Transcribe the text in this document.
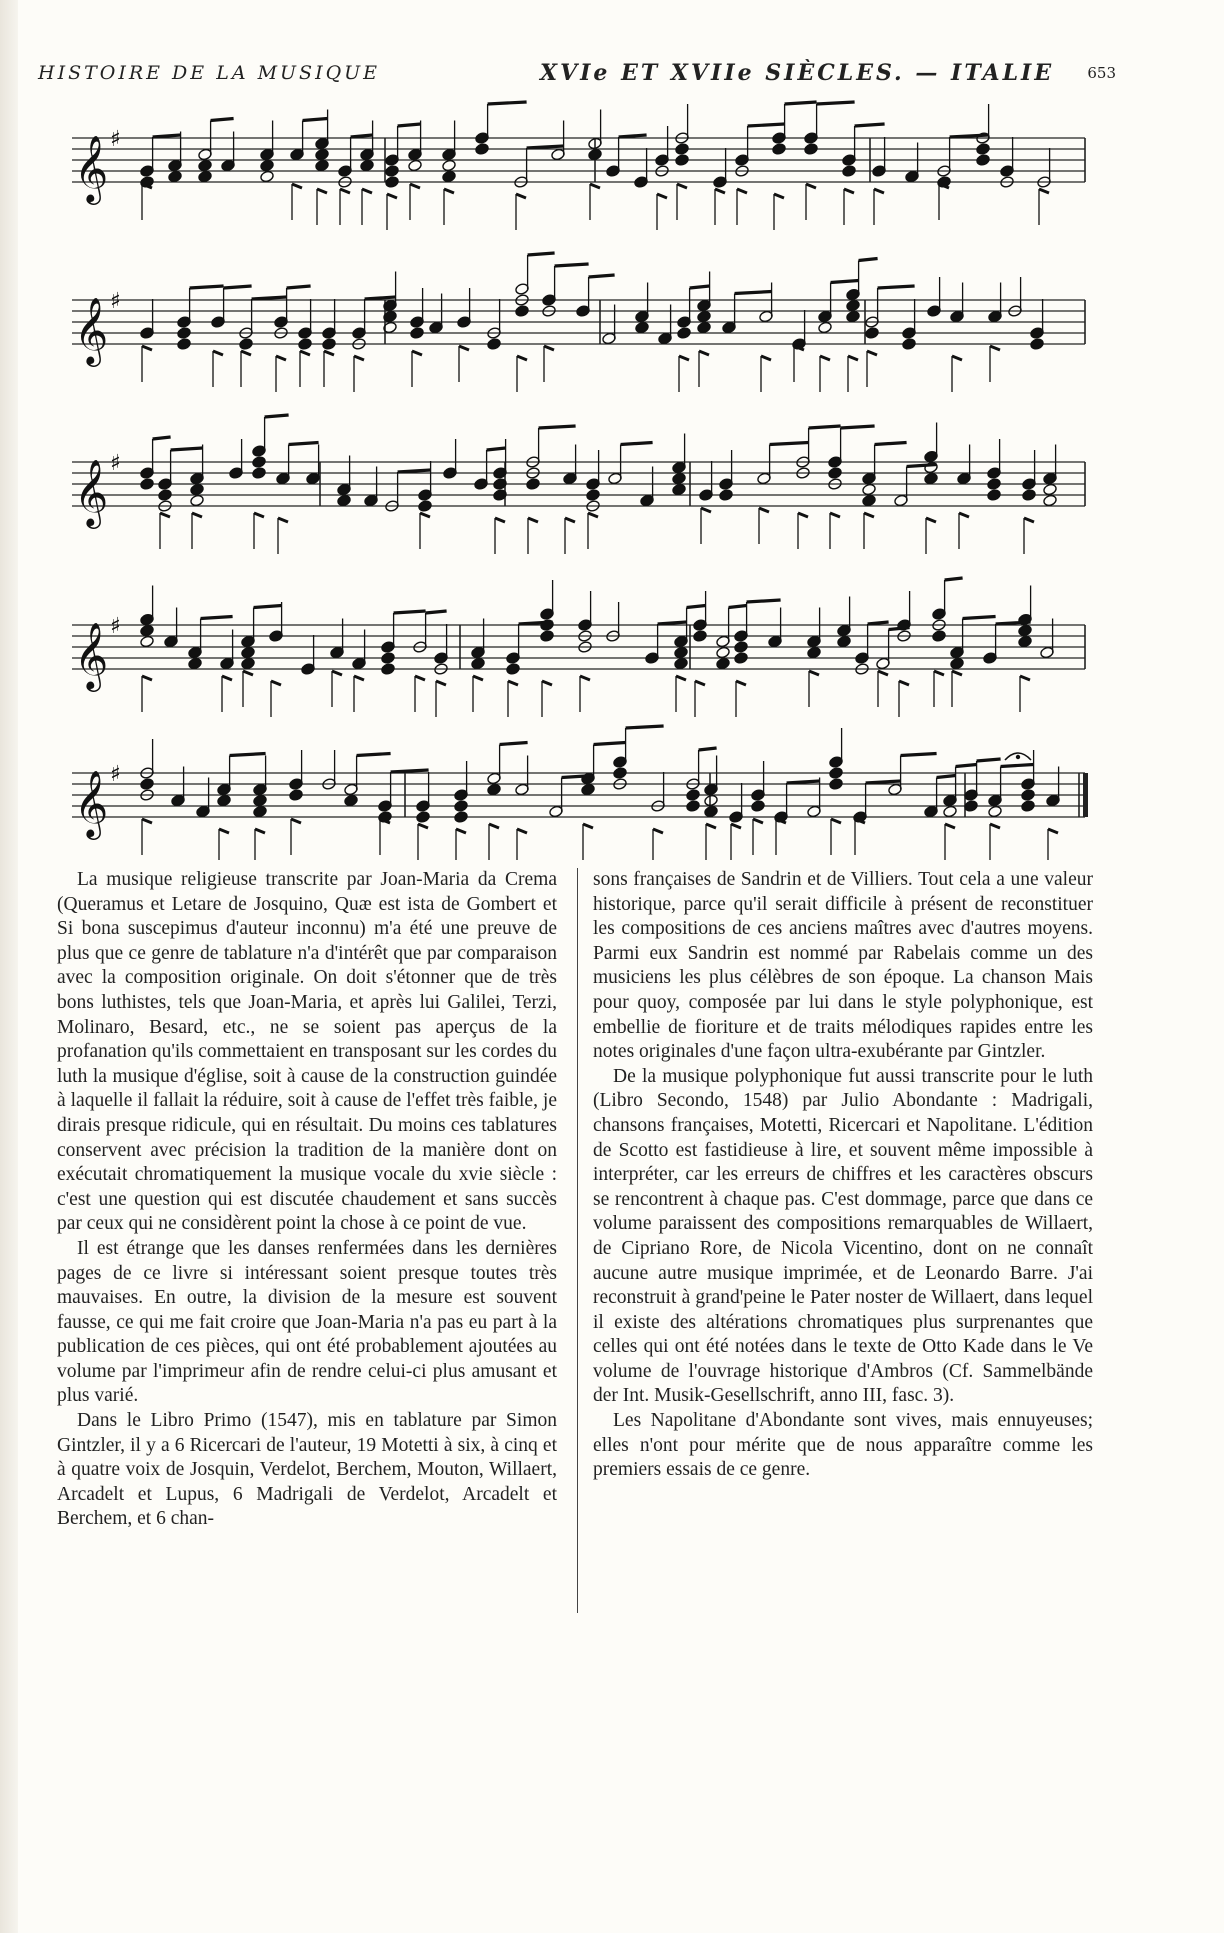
HISTOIRE DE LA MUSIQUE	XVIe ET XVIIe SIÈCLES. — ITALIE 653
𝄞 ♯
𝄞 ♯
𝄞 ♯
𝄞 ♯
𝄞 ♯

La musique religieuse transcrite par Joan-Maria da Crema (Queramus et Letare de Josquino, Quæ est ista de Gombert et Si bona suscepimus d'auteur inconnu) m'a été une preuve de plus que ce genre de tablature n'a d'intérêt que par comparaison avec la composition originale. On doit s'étonner que de très bons luthistes, tels que Joan-Maria, et après lui Galilei, Terzi, Molinaro, Besard, etc., ne se soient pas aperçus de la profanation qu'ils commettaient en transposant sur les cordes du luth la musique d'église, soit à cause de la construction guindée à laquelle il fallait la réduire, soit à cause de l'effet très faible, je dirais presque ridicule, qui en résultait. Du moins ces tablatures conservent avec précision la tradition de la manière dont on exécutait chromatiquement la musique vocale du xvie siècle : c'est une question qui est discutée chaudement et sans succès par ceux qui ne considèrent point la chose à ce point de vue.

Il est étrange que les danses renfermées dans les dernières pages de ce livre si intéressant soient presque toutes très mauvaises. En outre, la division de la mesure est souvent fausse, ce qui me fait croire que Joan-Maria n'a pas eu part à la publication de ces pièces, qui ont été probablement ajoutées au volume par l'imprimeur afin de rendre celui-ci plus amusant et plus varié.

Dans le Libro Primo (1547), mis en tablature par Simon Gintzler, il y a 6 Ricercari de l'auteur, 19 Motetti à six, à cinq et à quatre voix de Josquin, Verdelot, Berchem, Mouton, Willaert, Arcadelt et Lupus, 6 Madrigali de Verdelot, Arcadelt et Berchem, et 6 chan-

sons françaises de Sandrin et de Villiers. Tout cela a une valeur historique, parce qu'il serait difficile à présent de reconstituer les compositions de ces anciens maîtres avec d'autres moyens. Parmi eux Sandrin est nommé par Rabelais comme un des musiciens les plus célèbres de son époque. La chanson Mais pour quoy, composée par lui dans le style polyphonique, est embellie de fioriture et de traits mélodiques rapides entre les notes originales d'une façon ultra-exubérante par Gintzler.

De la musique polyphonique fut aussi transcrite pour le luth (Libro Secondo, 1548) par Julio Abondante : Madrigali, chansons françaises, Motetti, Ricercari et Napolitane. L'édition de Scotto est fastidieuse à lire, et souvent même impossible à interpréter, car les erreurs de chiffres et les caractères obscurs se rencontrent à chaque pas. C'est dommage, parce que dans ce volume paraissent des compositions remarquables de Willaert, de Cipriano Rore, de Nicola Vicentino, dont on ne connaît aucune autre musique imprimée, et de Leonardo Barre. J'ai reconstruit à grand'peine le Pater noster de Willaert, dans lequel il existe des altérations chromatiques plus surprenantes que celles qui ont été notées dans le texte de Otto Kade dans le Ve volume de l'ouvrage historique d'Ambros (Cf. Sammelbände der Int. Musik-Gesellschrift, anno III, fasc. 3).

Les Napolitane d'Abondante sont vives, mais ennuyeuses; elles n'ont pour mérite que de nous apparaître comme les premiers essais de ce genre.
